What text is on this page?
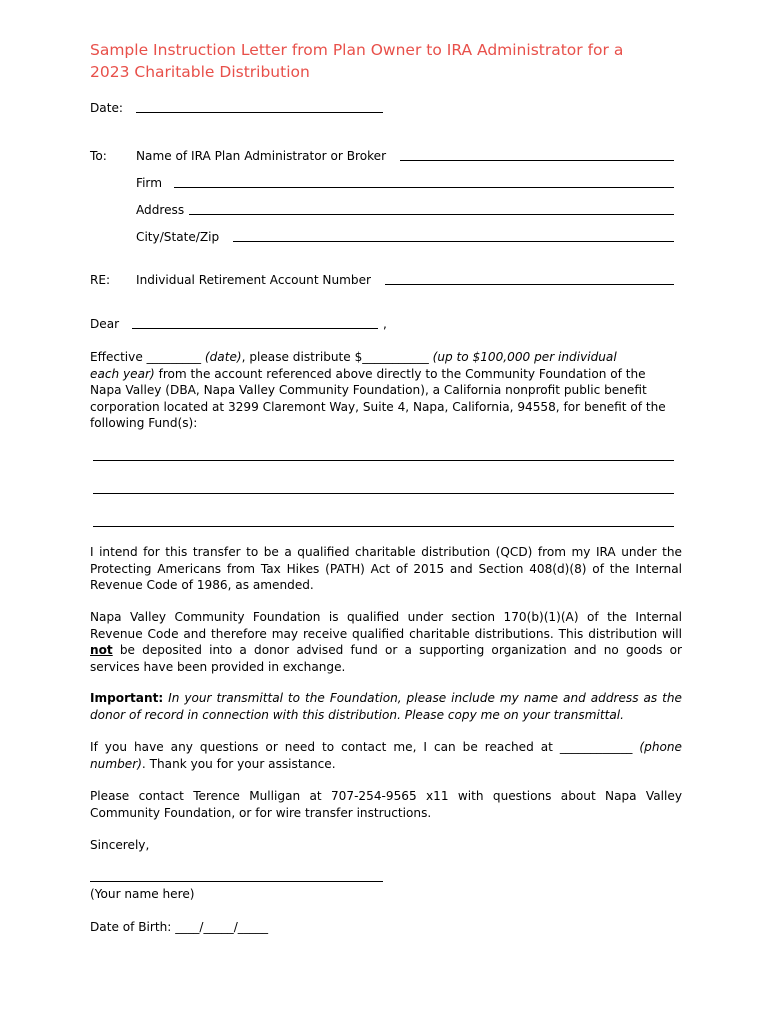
Sample Instruction Letter from Plan Owner to IRA Administrator for a
2023 Charitable Distribution
Date:
To: Name of IRA Plan Administrator or Broker
Firm
Address
City/State/Zip
RE: Individual Retirement Account Number
Dear	,
Effective _________ (date), please distribute $___________ (up to $100,000 per individual
each year) from the account referenced above directly to the Community Foundation of the
Napa Valley (DBA, Napa Valley Community Foundation), a California nonprofit public benefit
corporation located at 3299 Claremont Way, Suite 4, Napa, California, 94558, for benefit of the
following Fund(s):
I intend for this transfer to be a qualified charitable distribution (QCD) from my IRA under the Protecting Americans from Tax Hikes (PATH) Act of 2015 and Section 408(d)(8) of the Internal Revenue Code of 1986, as amended.
Napa Valley Community Foundation is qualified under section 170(b)(1)(A) of the Internal Revenue Code and therefore may receive qualified charitable distributions. This distribution will not be deposited into a donor advised fund or a supporting organization and no goods or services have been provided in exchange.
Important: In your transmittal to the Foundation, please include my name and address as the donor of record in connection with this distribution. Please copy me on your transmittal.
If you have any questions or need to contact me, I can be reached at ____________ (phone number). Thank you for your assistance.
Please contact Terence Mulligan at 707-254-9565 x11 with questions about Napa Valley Community Foundation, or for wire transfer instructions.
Sincerely,
(Your name here)
Date of Birth: ____/_____/_____
